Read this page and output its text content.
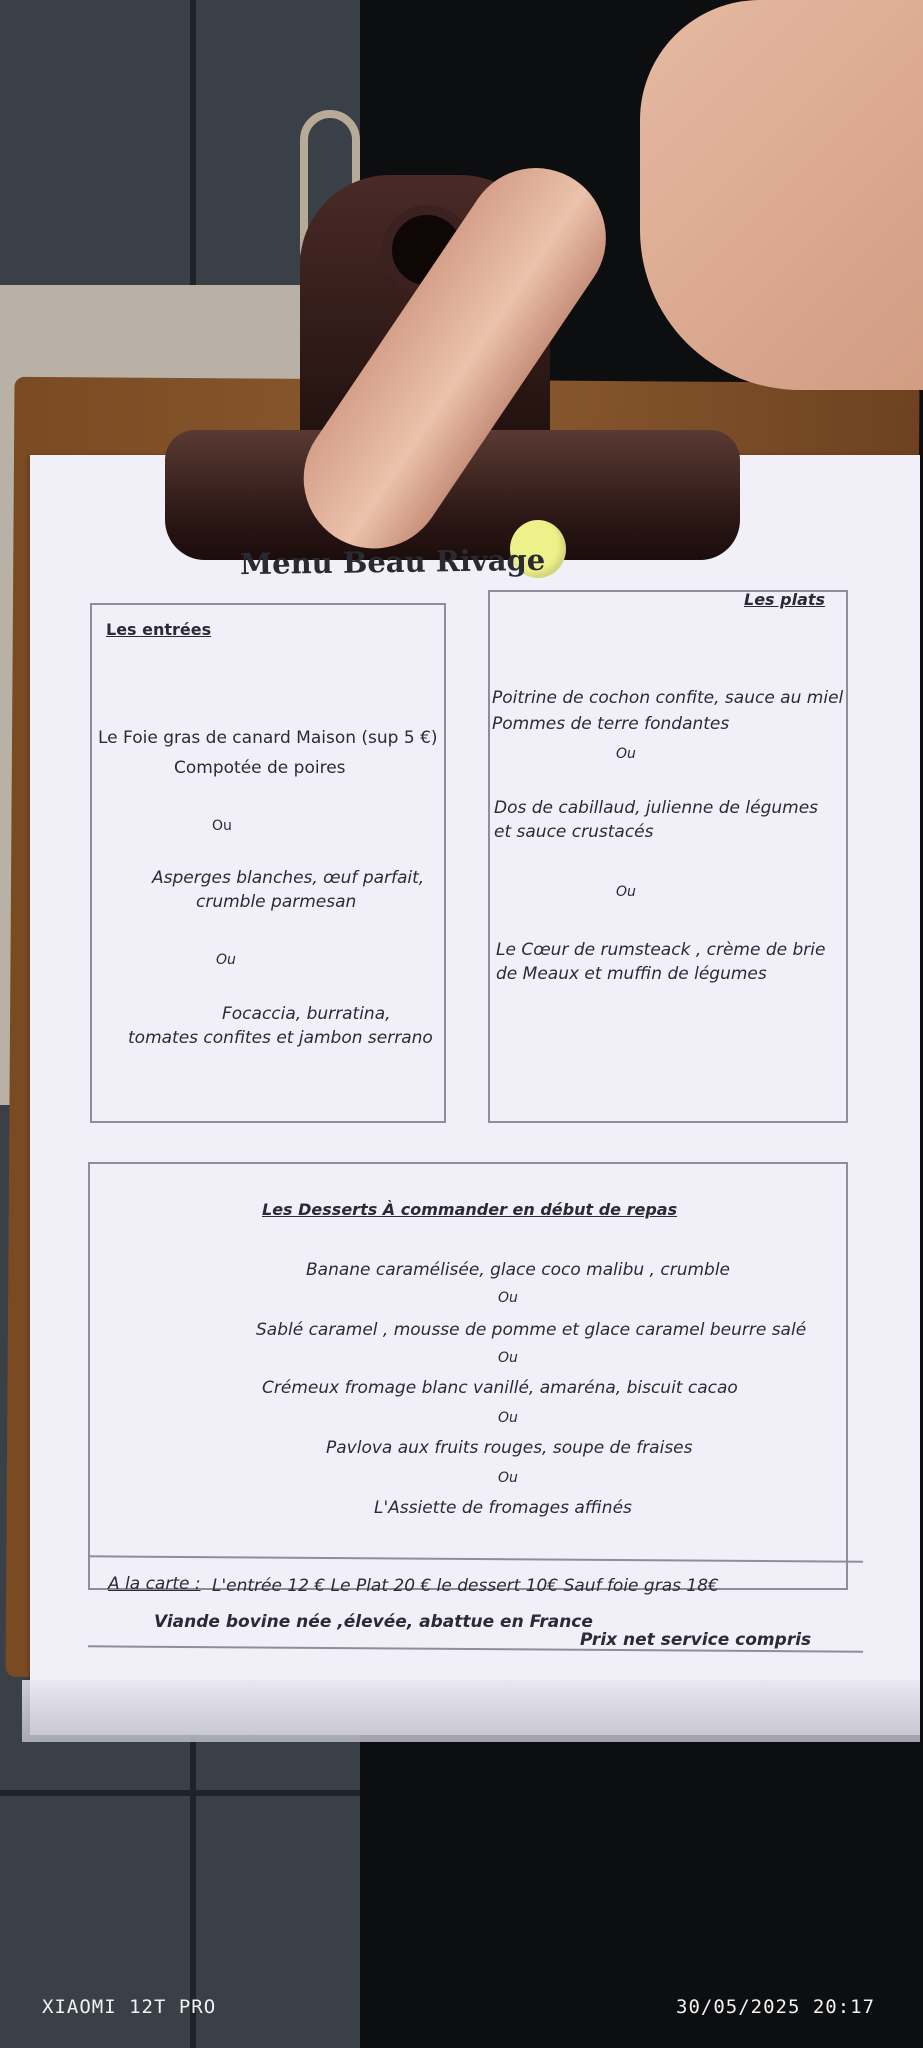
Menu Beau Rivage
Les entrées
Le Foie gras de canard Maison (sup 5 €)
Compotée de poires
Ou
Asperges blanches, œuf parfait,
crumble parmesan
Ou
Focaccia, burratina,
tomates confites et jambon serrano
Les plats
Poitrine de cochon confite, sauce au miel
Pommes de terre fondantes
Ou
Dos de cabillaud, julienne de légumes
et sauce crustacés
Ou
Le Cœur de rumsteack , crème de brie
de Meaux et muffin de légumes
Les Desserts À commander en début de repas
Banane caramélisée, glace coco malibu , crumble
Ou
Sablé caramel , mousse de pomme et glace caramel beurre salé
Ou
Crémeux fromage blanc vanillé, amaréna, biscuit cacao
Ou
Pavlova aux fruits rouges, soupe de fraises
Ou
L'Assiette de fromages affinés
A la carte : L'entrée 12 € Le Plat 20 € le dessert 10€ Sauf foie gras 18€
Viande bovine née ,élevée, abattue en France
Prix net service compris
XIAOMI 12T PRO	30/05/2025 20:17
